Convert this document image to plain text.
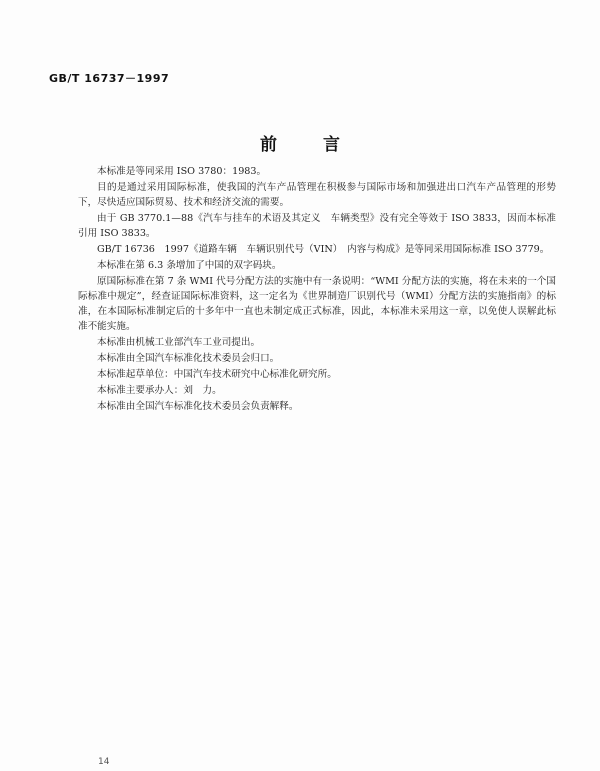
GB/T 16737－1997
前	言

本标准是等同采用 ISO 3780：1983。

目的是通过采用国际标准，使我国的汽车产品管理在积极参与国际市场和加强进出口汽车产品管理的形势下，尽快适应国际贸易、技术和经济交流的需要。

由于 GB 3770.1—88《汽车与挂车的术语及其定义　车辆类型》没有完全等效于 ISO 3833，因而本标准引用 ISO 3833。

GB/T 16736　1997《道路车辆　车辆识别代号（VIN）　内容与构成》是等同采用国际标准 ISO 3779。

本标准在第 6.3 条增加了中国的双字码块。

原国际标准在第 7 条 WMI 代号分配方法的实施中有一条说明：“WMI 分配方法的实施，将在未来的一个国际标准中规定”，经查证国际标准资料，这一定名为《世界制造厂识别代号（WMI）分配方法的实施指南》的标准，在本国际标准制定后的十多年中一直也未制定成正式标准，因此，本标准未采用这一章，以免使人误解此标准不能实施。

本标准由机械工业部汽车工业司提出。

本标准由全国汽车标准化技术委员会归口。

本标准起草单位：中国汽车技术研究中心标准化研究所。

本标准主要承办人：刘　力。

本标准由全国汽车标准化技术委员会负责解释。

14
